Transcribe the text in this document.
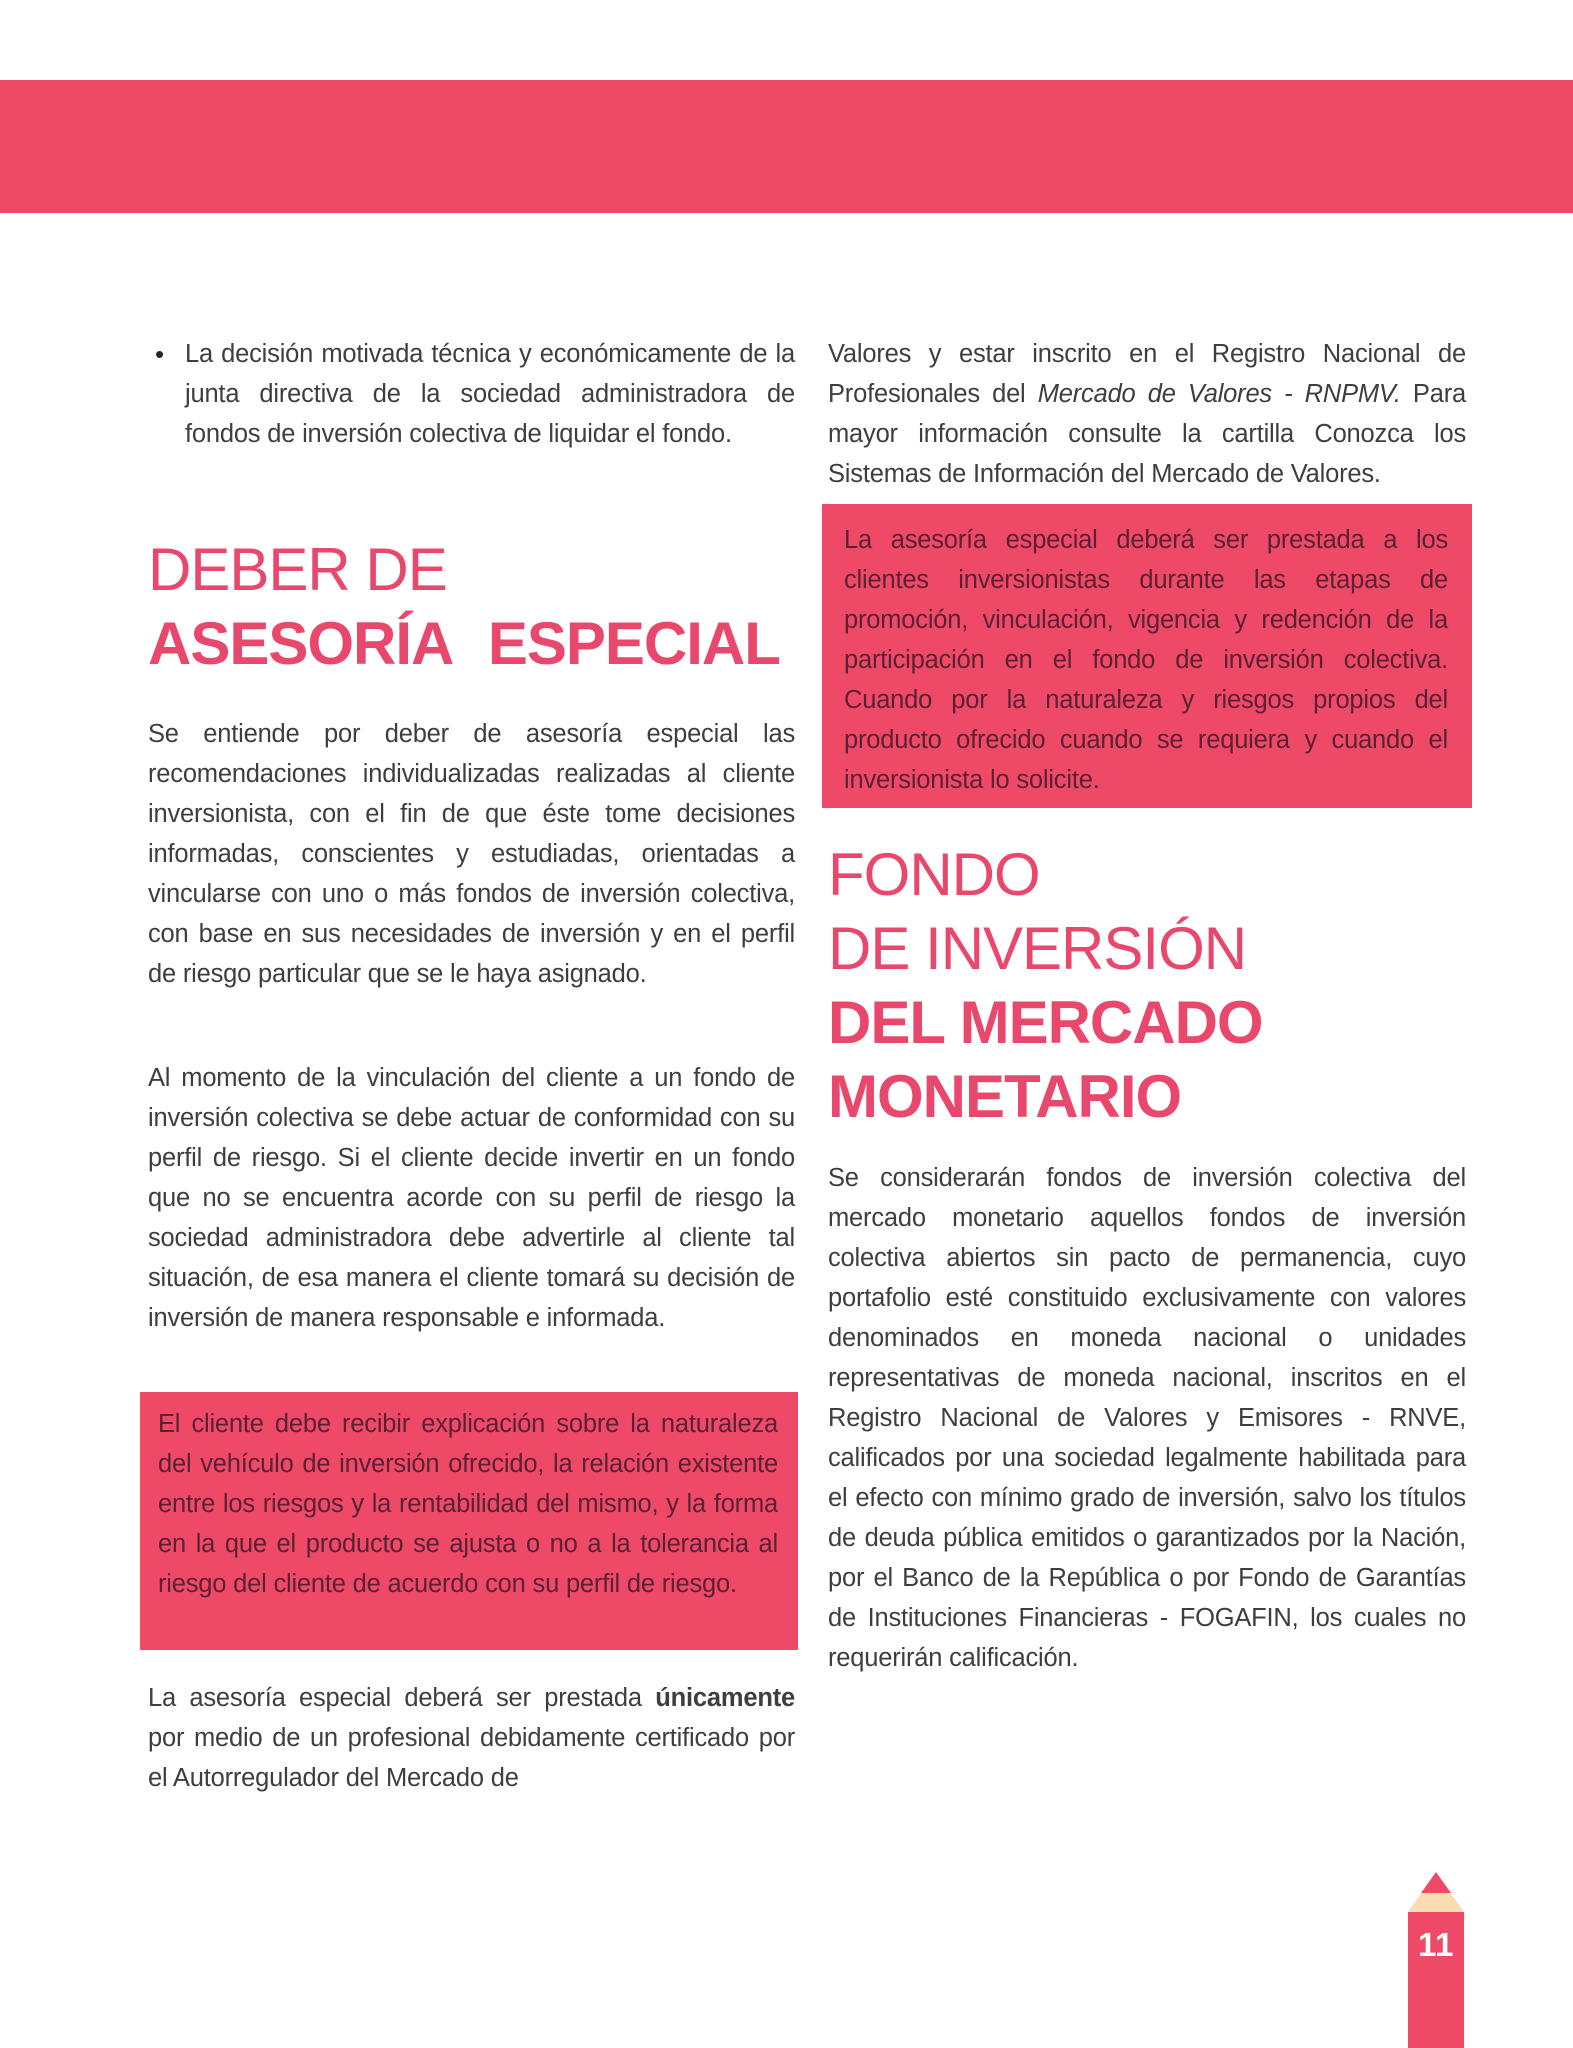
• La decisión motivada técnica y económicamente de la junta directiva de la sociedad administradora de fondos de inversión colectiva de liquidar el fondo.
DEBER DE
ASESORÍA ESPECIAL
Se entiende por deber de asesoría especial las recomendaciones individualizadas realizadas al cliente inversionista, con el fin de que éste tome decisiones informadas, conscientes y estudiadas, orientadas a vincularse con uno o más fondos de inversión colectiva, con base en sus necesidades de inversión y en el perfil de riesgo particular que se le haya asignado.
Al momento de la vinculación del cliente a un fondo de inversión colectiva se debe actuar de conformidad con su perfil de riesgo. Si el cliente decide invertir en un fondo que no se encuentra acorde con su perfil de riesgo la sociedad administradora debe advertirle al cliente tal situación, de esa manera el cliente tomará su decisión de inversión de manera responsable e informada.
El cliente debe recibir explicación sobre la naturaleza del vehículo de inversión ofrecido, la relación existente entre los riesgos y la rentabilidad del mismo, y la forma en la que el producto se ajusta o no a la tolerancia al riesgo del cliente de acuerdo con su perfil de riesgo.
La asesoría especial deberá ser prestada únicamente por medio de un profesional debidamente certificado por el Autorregulador del Mercado de
Valores y estar inscrito en el Registro Nacional de Profesionales del Mercado de Valores - RNPMV. Para mayor información consulte la cartilla Conozca los Sistemas de Información del Mercado de Valores.
La asesoría especial deberá ser prestada a los clientes inversionistas durante las etapas de promoción, vinculación, vigencia y redención de la participación en el fondo de inversión colectiva. Cuando por la naturaleza y riesgos propios del producto ofrecido cuando se requiera y cuando el inversionista lo solicite.
FONDO
DE INVERSIÓN
DEL MERCADO
MONETARIO
Se considerarán fondos de inversión colectiva del mercado monetario aquellos fondos de inversión colectiva abiertos sin pacto de permanencia, cuyo portafolio esté constituido exclusivamente con valores denominados en moneda nacional o unidades representativas de moneda nacional, inscritos en el Registro Nacional de Valores y Emisores - RNVE, calificados por una sociedad legalmente habilitada para el efecto con mínimo grado de inversión, salvo los títulos de deuda pública emitidos o garantizados por la Nación, por el Banco de la República o por Fondo de Garantías de Instituciones Financieras - FOGAFIN, los cuales no requerirán calificación.
11
